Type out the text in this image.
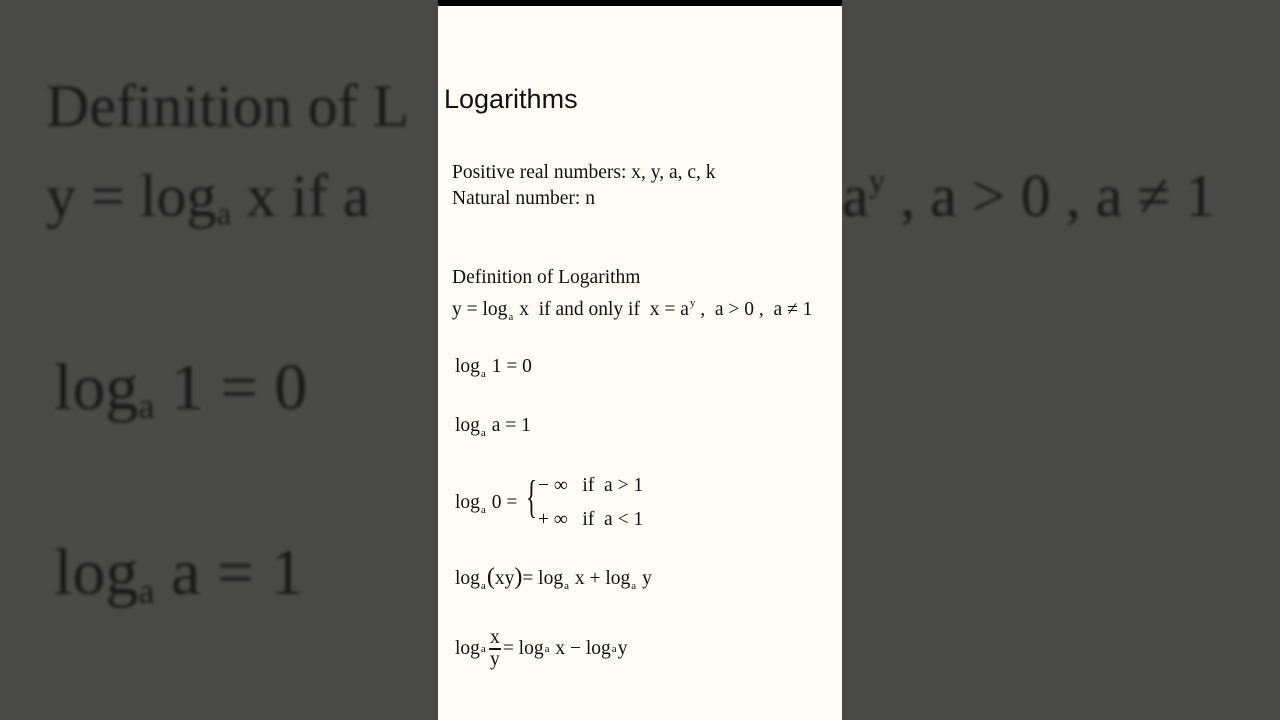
Definition of L
$y = \log_a x$ if a	$a^y$ , a > 0 , a ≠ 1
$\log_a 1 = 0$
$\log_a a = 1$
Logarithms
Positive real numbers: x, y, a, c, k
Natural number: n
Definition of Logarithm
$y = \log_a x$  if and only if  $x = a^y$ ,  a > 0 ,  a ≠ 1
$\log_a 1 = 0$
$\log_a a = 1$
$\log_a 0$ = { − ∞   if  a > 1
+ ∞   if  a < 1
$\log_a(xy)= \log_a x + \log_a y$
log a $\frac{x}{y} = \log a$ x − log a y
